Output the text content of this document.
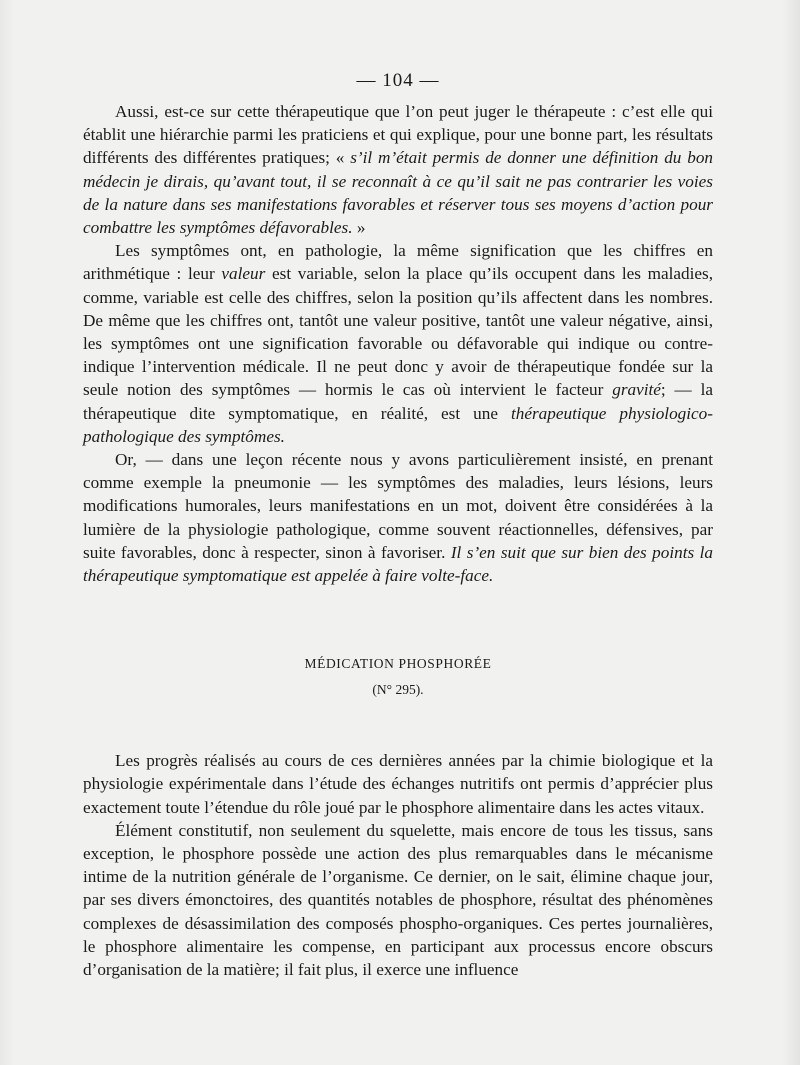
— 104 —

Aussi, est-ce sur cette thérapeutique que l’on peut juger le thérapeute : c’est elle qui établit une hiérarchie parmi les praticiens et qui explique, pour une bonne part, les résultats différents des différentes pratiques; « s’il m’était permis de donner une définition du bon médecin je dirais, qu’avant tout, il se reconnaît à ce qu’il sait ne pas contrarier les voies de la nature dans ses manifestations favorables et réserver tous ses moyens d’action pour combattre les symptômes défavorables. »

Les symptômes ont, en pathologie, la même signification que les chiffres en arithmétique : leur valeur est variable, selon la place qu’ils occupent dans les maladies, comme, variable est celle des chiffres, selon la position qu’ils affectent dans les nombres. De même que les chiffres ont, tantôt une valeur positive, tantôt une valeur négative, ainsi, les symptômes ont une signification favorable ou défavorable qui indique ou contre-indique l’intervention médicale. Il ne peut donc y avoir de thérapeutique fondée sur la seule notion des symptômes — hormis le cas où intervient le facteur gravité; — la thérapeutique dite symptomatique, en réalité, est une thérapeutique physiologico-pathologique des symptômes.

Or, — dans une leçon récente nous y avons particulièrement insisté, en prenant comme exemple la pneumonie — les symptômes des maladies, leurs lésions, leurs modifications humorales, leurs manifestations en un mot, doivent être considérées à la lumière de la physiologie pathologique, comme souvent réactionnelles, défensives, par suite favorables, donc à respecter, sinon à favoriser. Il s’en suit que sur bien des points la thérapeutique symptomatique est appelée à faire volte-face.

MÉDICATION PHOSPHORÉE
(N° 295).

Les progrès réalisés au cours de ces dernières années par la chimie biologique et la physiologie expérimentale dans l’étude des échanges nutritifs ont permis d’apprécier plus exactement toute l’étendue du rôle joué par le phosphore alimentaire dans les actes vitaux.

Élément constitutif, non seulement du squelette, mais encore de tous les tissus, sans exception, le phosphore possède une action des plus remarquables dans le mécanisme intime de la nutrition générale de l’organisme. Ce dernier, on le sait, élimine chaque jour, par ses divers émonctoires, des quantités notables de phosphore, résultat des phénomènes complexes de désassimilation des composés phospho-organiques. Ces pertes journalières, le phosphore alimentaire les compense, en participant aux processus encore obscurs d’organisation de la matière; il fait plus, il exerce une influence
